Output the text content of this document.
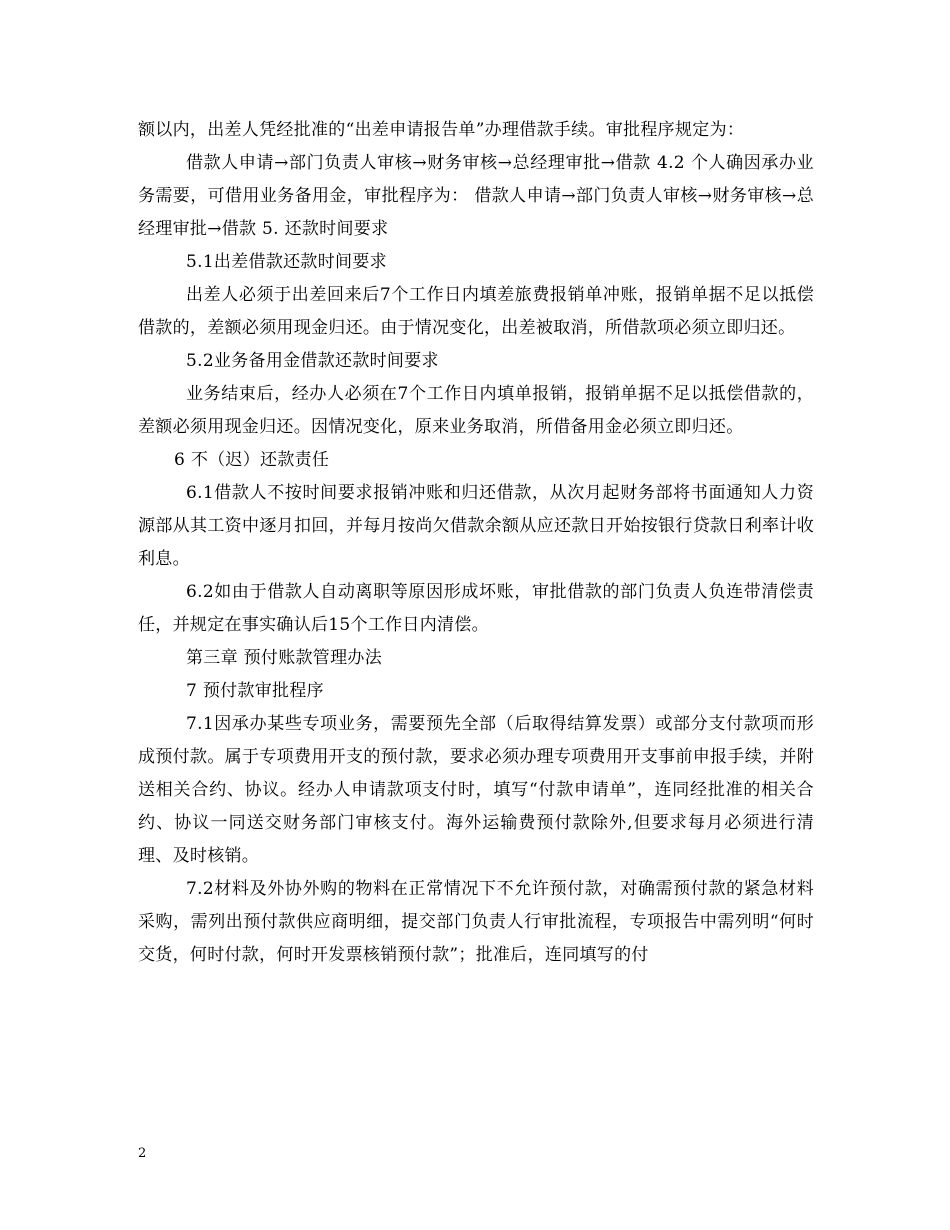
额以内，出差人凭经批准的“出差申请报告单”办理借款手续。审批程序规定为：

借款人申请→部门负责人审核→财务审核→总经理审批→借款 4.2 个人确因承办业务需要，可借用业务备用金，审批程序为： 借款人申请→部门负责人审核→财务审核→总经理审批→借款 5. 还款时间要求

5.1出差借款还款时间要求

出差人必须于出差回来后7个工作日内填差旅费报销单冲账，报销单据不足以抵偿借款的，差额必须用现金归还。由于情况变化，出差被取消，所借款项必须立即归还。

5.2业务备用金借款还款时间要求

业务结束后，经办人必须在7个工作日内填单报销，报销单据不足以抵偿借款的，差额必须用现金归还。因情况变化，原来业务取消，所借备用金必须立即归还。

6 不（迟）还款责任

6.1借款人不按时间要求报销冲账和归还借款，从次月起财务部将书面通知人力资源部从其工资中逐月扣回，并每月按尚欠借款余额从应还款日开始按银行贷款日利率计收利息。

6.2如由于借款人自动离职等原因形成坏账，审批借款的部门负责人负连带清偿责任，并规定在事实确认后15个工作日内清偿。

第三章 预付账款管理办法

7 预付款审批程序

7.1因承办某些专项业务，需要预先全部（后取得结算发票）或部分支付款项而形成预付款。属于专项费用开支的预付款，要求必须办理专项费用开支事前申报手续，并附送相关合约、协议。经办人申请款项支付时，填写“付款申请单”，连同经批准的相关合约、协议一同送交财务部门审核支付。海外运输费预付款除外,但要求每月必须进行清理、及时核销。

7.2材料及外协外购的物料在正常情况下不允许预付款，对确需预付款的紧急材料采购，需列出预付款供应商明细，提交部门负责人行审批流程，专项报告中需列明“何时交货，何时付款，何时开发票核销预付款”；批准后，连同填写的付

2
